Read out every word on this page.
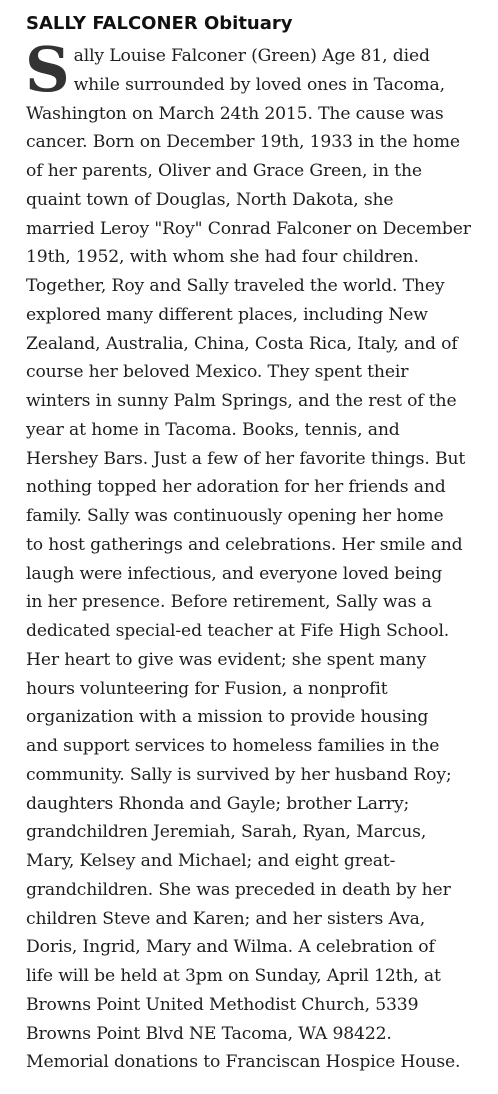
SALLY FALCONER Obituary
S ally Louise Falconer (Green) Age 81, died
while surrounded by loved ones in Tacoma,
Washington on March 24th 2015. The cause was
cancer. Born on December 19th, 1933 in the home
of her parents, Oliver and Grace Green, in the
quaint town of Douglas, North Dakota, she
married Leroy "Roy" Conrad Falconer on December
19th, 1952, with whom she had four children.
Together, Roy and Sally traveled the world. They
explored many different places, including New
Zealand, Australia, China, Costa Rica, Italy, and of
course her beloved Mexico. They spent their
winters in sunny Palm Springs, and the rest of the
year at home in Tacoma. Books, tennis, and
Hershey Bars. Just a few of her favorite things. But
nothing topped her adoration for her friends and
family. Sally was continuously opening her home
to host gatherings and celebrations. Her smile and
laugh were infectious, and everyone loved being
in her presence. Before retirement, Sally was a
dedicated special-ed teacher at Fife High School.
Her heart to give was evident; she spent many
hours volunteering for Fusion, a nonprofit
organization with a mission to provide housing
and support services to homeless families in the
community. Sally is survived by her husband Roy;
daughters Rhonda and Gayle; brother Larry;
grandchildren Jeremiah, Sarah, Ryan, Marcus,
Mary, Kelsey and Michael; and eight great-
grandchildren. She was preceded in death by her
children Steve and Karen; and her sisters Ava,
Doris, Ingrid, Mary and Wilma. A celebration of
life will be held at 3pm on Sunday, April 12th, at
Browns Point United Methodist Church, 5339
Browns Point Blvd NE Tacoma, WA 98422.
Memorial donations to Franciscan Hospice House.
